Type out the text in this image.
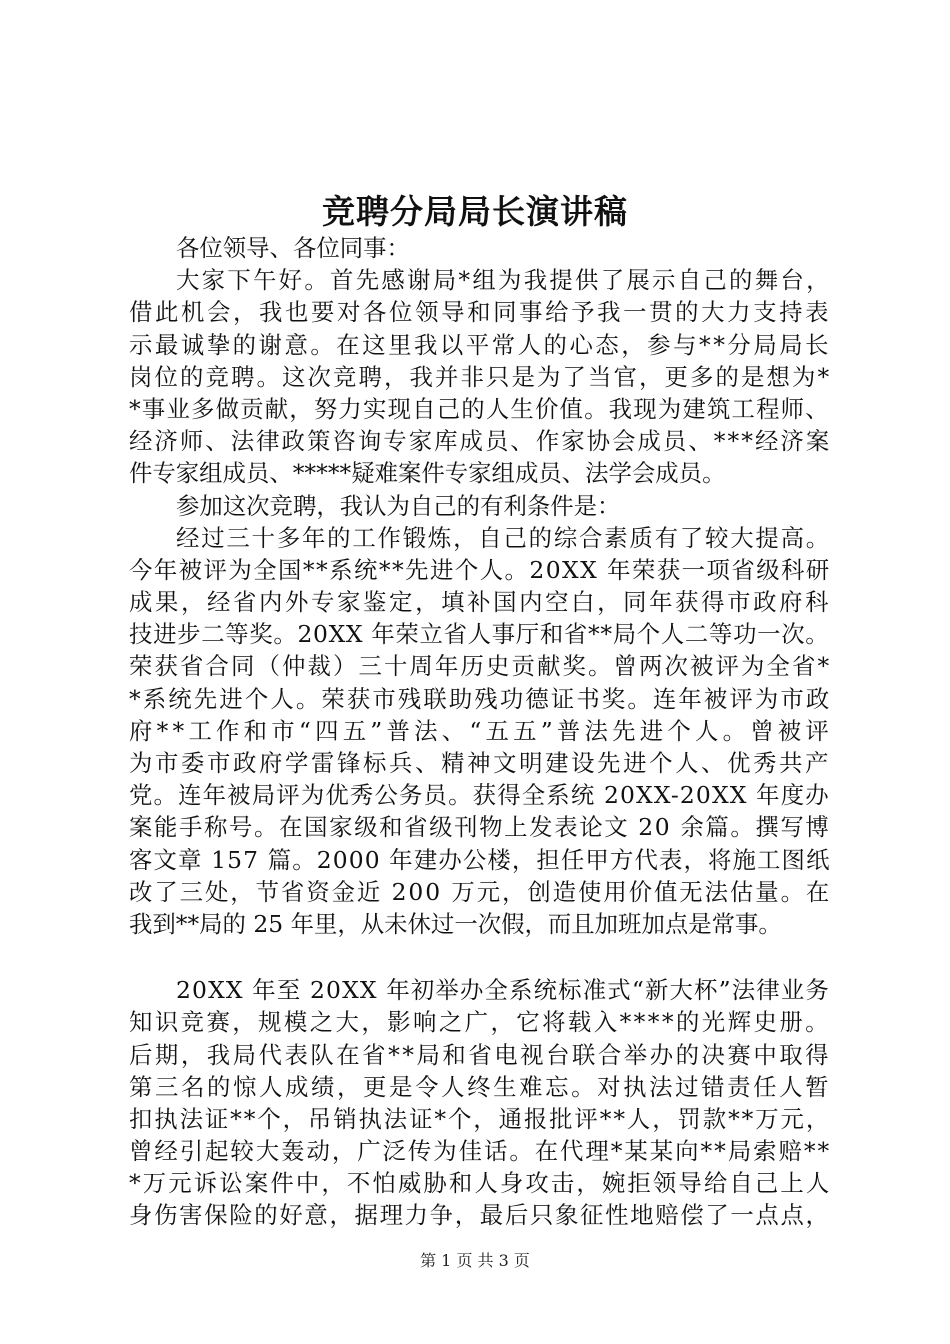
竞聘分局局长演讲稿
各位领导、各位同事：
大家下午好。首先感谢局*组为我提供了展示自己的舞台，
借此机会，我也要对各位领导和同事给予我一贯的大力支持表
示最诚挚的谢意。在这里我以平常人的心态，参与**分局局长
岗位的竞聘。这次竞聘，我并非只是为了当官，更多的是想为*
*事业多做贡献，努力实现自己的人生价值。我现为建筑工程师、
经济师、法律政策咨询专家库成员、作家协会成员、***经济案
件专家组成员、*****疑难案件专家组成员、法学会成员。
参加这次竞聘，我认为自己的有利条件是：
经过三十多年的工作锻炼，自己的综合素质有了较大提高。
今年被评为全国**系统**先进个人。20XX 年荣获一项省级科研
成果，经省内外专家鉴定，填补国内空白，同年获得市政府科
技进步二等奖。20XX 年荣立省人事厅和省**局个人二等功一次。
荣获省合同（仲裁）三十周年历史贡献奖。曾两次被评为全省*
*系统先进个人。荣获市残联助残功德证书奖。连年被评为市政
府**工作和市“四五”普法、“五五”普法先进个人。曾被评
为市委市政府学雷锋标兵、精神文明建设先进个人、优秀共产
党。连年被局评为优秀公务员。获得全系统 20XX-20XX 年度办
案能手称号。在国家级和省级刊物上发表论文 20 余篇。撰写博
客文章 157 篇。2000 年建办公楼，担任甲方代表，将施工图纸
改了三处，节省资金近 200 万元，创造使用价值无法估量。在
我到**局的 25 年里，从未休过一次假，而且加班加点是常事。
20XX 年至 20XX 年初举办全系统标准式“新大杯”法律业务
知识竞赛，规模之大，影响之广，它将载入****的光辉史册。
后期，我局代表队在省**局和省电视台联合举办的决赛中取得
第三名的惊人成绩，更是令人终生难忘。对执法过错责任人暂
扣执法证**个，吊销执法证*个，通报批评**人，罚款**万元，
曾经引起较大轰动，广泛传为佳话。在代理*某某向**局索赔**
*万元诉讼案件中，不怕威胁和人身攻击，婉拒领导给自己上人
身伤害保险的好意，据理力争，最后只象征性地赔偿了一点点，
第 1 页 共 3 页
